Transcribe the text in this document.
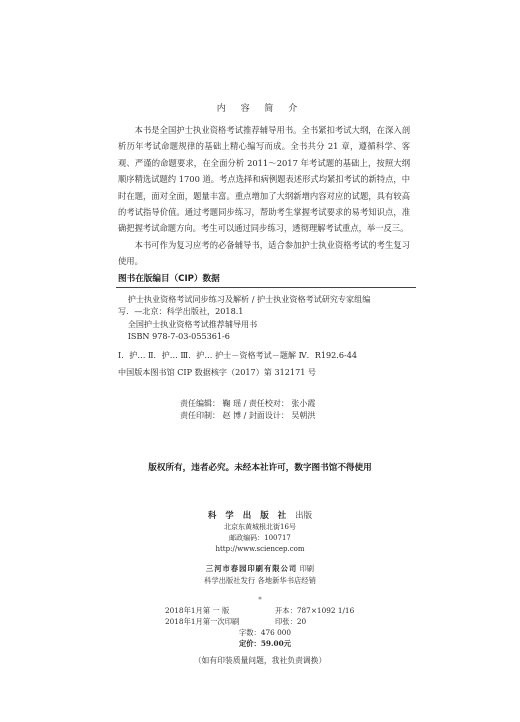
内 容 简 介

本书是全国护士执业资格考试推荐辅导用书。全书紧扣考试大纲，在深入剖析历年考试命题规律的基础上精心编写而成。全书共分 21 章，遵循科学、客观、严谨的命题要求，在全面分析 2011～2017 年考试题的基础上，按照大纲顺序精选试题约 1700 道。考点选择和病例题表述形式均紧扣考试的新特点，中时在题，面对全面，题量丰富。重点增加了大纲新增内容对应的试题，具有较高的考试指导价值。通过考题同步练习，帮助考生掌握考试要求的易考知识点，准确把握考试命题方向。考生可以通过同步练习，透彻理解考试重点，举一反三。

本书可作为复习应考的必备辅导书，适合参加护士执业资格考试的考生复习使用。

图书在版编目（CIP）数据
护士执业资格考试同步练习及解析 / 护士执业资格考试研究专家组编
写．—北京：科学出版社，2018.1
全国护士执业资格考试推荐辅导用书
ISBN 978-7-03-055361-6
Ⅰ．护… Ⅱ．护… Ⅲ．护… 护士－资格考试－题解 Ⅳ．R192.6-44
中国版本图书馆 CIP 数据核字（2017）第 312171 号
责任编辑： 鞠 瑶 / 责任校对： 张小霞
责任印制： 赵 博 / 封面设计： 吴朝洪
版权所有，违者必究。未经本社许可，数字图书馆不得使用
科 学 出 版 社 出版
北京东黄城根北街16号
邮政编码：100717
http://www.sciencep.com
三河市春园印刷有限公司 印刷
科学出版社发行 各地新华书店经销
*
2018年1月第 一 版	开本：787×1092 1/16
2018年1月第一次印刷	印张：20
字数：476 000
定价：59.00元
（如有印装质量问题，我社负责调换）
